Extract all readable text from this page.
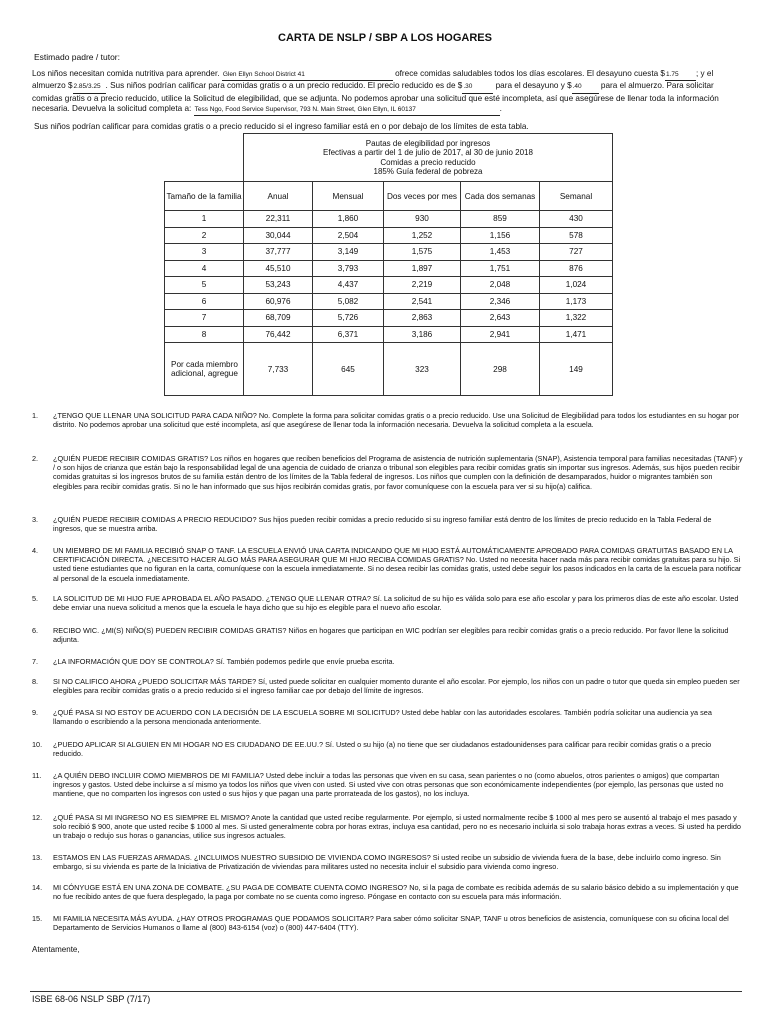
CARTA DE NSLP / SBP A LOS HOGARES
Estimado padre / tutor:
Los niños necesitan comida nutritiva para aprender. Glen Ellyn School District 41	ofrece comidas saludables todos los días escolares. El desayuno cuesta $1.75 ; y el almuerzo $2.85/3.25 . Sus niños podrían calificar para comidas gratis o a un precio reducido. El precio reducido es de $.30	para el desayuno y $.40 para el almuerzo. Para solicitar comidas gratis o a precio reducido, utilice la Solicitud de elegibilidad, que se adjunta. No podemos aprobar una solicitud que esté incompleta, así que asegúrese de llenar toda la información necesaria. Devuelva la solicitud completa a: Tess Ngo, Food Service Supervisor, 793 N. Main Street, Glen Ellyn, IL 60137	.
Sus niños podrían calificar para comidas gratis o a precio reducido si el ingreso familiar está en o por debajo de los límites de esta tabla.

	Pautas de elegibilidad por ingresos
Efectivas a partir del 1 de julio de 2017, al 30 de junio 2018
Comidas a precio reducido
185% Guía federal de pobreza				

Tamaño de la familia	Anual	Mensual	Dos veces por mes	Cada dos semanas	Semanal
1	22,311	1,860	930	859	430
2	30,044	2,504	1,252	1,156	578
3	37,777	3,149	1,575	1,453	727
4	45,510	3,793	1,897	1,751	876
5	53,243	4,437	2,219	2,048	1,024
6	60,976	5,082	2,541	2,346	1,173
7	68,709	5,726	2,863	2,643	1,322
8	76,442	6,371	3,186	2,941	1,471
Por cada miembro adicional, agregue	7,733	645	323	298	149
1. ¿TENGO QUE LLENAR UNA SOLICITUD PARA CADA NIÑO? No. Complete la forma para solicitar comidas gratis o a precio reducido. Use una Solicitud de Elegibilidad para todos los estudiantes en su hogar por distrito. No podemos aprobar una solicitud que esté incompleta, así que asegúrese de llenar toda la información necesaria. Devuelva la solicitud completa a la escuela.
2. ¿QUIÉN PUEDE RECIBIR COMIDAS GRATIS? Los niños en hogares que reciben beneficios del Programa de asistencia de nutrición suplementaria (SNAP), Asistencia temporal para familias necesitadas (TANF) y / o son hijos de crianza que están bajo la responsabilidad legal de una agencia de cuidado de crianza o tribunal son elegibles para recibir comidas gratis sin importar sus ingresos. Además, sus hijos pueden recibir comidas gratuitas si los ingresos brutos de su familia están dentro de los límites de la Tabla federal de ingresos. Los niños que cumplen con la definición de desamparados, huidor o migrantes también son elegibles para recibir comidas gratis. Si no le han informado que sus hijos recibirán comidas gratis, por favor comuníquese con la escuela para ver si su hijo(a) califica.
3. ¿QUIÉN PUEDE RECIBIR COMIDAS A PRECIO REDUCIDO? Sus hijos pueden recibir comidas a precio reducido si su ingreso familiar está dentro de los límites de precio reducido en la Tabla Federal de ingresos, que se muestra arriba.
4. UN MIEMBRO DE MI FAMILIA RECIBIÓ SNAP O TANF. LA ESCUELA ENVIÓ UNA CARTA INDICANDO QUE MI HIJO ESTÁ AUTOMÁTICAMENTE APROBADO PARA COMIDAS GRATUITAS BASADO EN LA CERTIFICACIÓN DIRECTA. ¿NECESITO HACER ALGO MÁS PARA ASEGURAR QUE MI HIJO RECIBA COMIDAS GRATIS? No. Usted no necesita hacer nada más para recibir comidas gratuitas para su hijo. Si usted tiene estudiantes que no figuran en la carta, comuníquese con la escuela inmediatamente. Si no desea recibir las comidas gratis, usted debe seguir los pasos indicados en la carta de la escuela para notificar al personal de la escuela inmediatamente.
5. LA SOLICITUD DE MI HIJO FUE APROBADA EL AÑO PASADO. ¿TENGO QUE LLENAR OTRA? Sí. La solicitud de su hijo es válida solo para ese año escolar y para los primeros días de este año escolar. Usted debe enviar una nueva solicitud a menos que la escuela le haya dicho que su hijo es elegible para el nuevo año escolar.
6. RECIBO WIC. ¿MI(S) NIÑO(S) PUEDEN RECIBIR COMIDAS GRATIS? Niños en hogares que participan en WIC podrían ser elegibles para recibir comidas gratis o a precio reducido. Por favor llene la solicitud adjunta.
7. ¿LA INFORMACIÓN QUE DOY SE CONTROLA? Sí. También podemos pedirle que envíe prueba escrita.
8. SI NO CALIFICO AHORA ¿PUEDO SOLICITAR MÁS TARDE? Sí, usted puede solicitar en cualquier momento durante el año escolar. Por ejemplo, los niños con un padre o tutor que queda sin empleo pueden ser elegibles para recibir comidas gratis o a precio reducido si el ingreso familiar cae por debajo del límite de ingresos.
9. ¿QUÉ PASA SI NO ESTOY DE ACUERDO CON LA DECISIÓN DE LA ESCUELA SOBRE MI SOLICITUD? Usted debe hablar con las autoridades escolares. También podría solicitar una audiencia ya sea llamando o escribiendo a la persona mencionada anteriormente.
10. ¿PUEDO APLICAR SI ALGUIEN EN MI HOGAR NO ES CIUDADANO DE EE.UU.? Sí. Usted o su hijo (a) no tiene que ser ciudadanos estadounidenses para calificar para recibir comidas gratis o a precio reducido.
11. ¿A QUIÉN DEBO INCLUIR COMO MIEMBROS DE MI FAMILIA? Usted debe incluir a todas las personas que viven en su casa, sean parientes o no (como abuelos, otros parientes o amigos) que compartan ingresos y gastos. Usted debe incluirse a sí mismo ya todos los niños que viven con usted. Si usted vive con otras personas que son económicamente independientes (por ejemplo, las personas que usted no mantiene, que no comparten los ingresos con usted o sus hijos y que pagan una parte prorrateada de los gastos), no los incluya.
12. ¿QUÉ PASA SI MI INGRESO NO ES SIEMPRE EL MISMO? Anote la cantidad que usted recibe regularmente. Por ejemplo, si usted normalmente recibe $ 1000 al mes pero se ausentó al trabajo el mes pasado y solo recibió $ 900, anote que usted recibe $ 1000 al mes. Si usted generalmente cobra por horas extras, incluya esa cantidad, pero no es necesario incluirla si solo trabaja horas extras a veces. Si usted ha perdido un trabajo o redujo sus horas o ganancias, utilice sus ingresos actuales.
13. ESTAMOS EN LAS FUERZAS ARMADAS. ¿INCLUIMOS NUESTRO SUBSIDIO DE VIVIENDA COMO INGRESOS? Si usted recibe un subsidio de vivienda fuera de la base, debe incluirlo como ingreso. Sin embargo, si su vivienda es parte de la Iniciativa de Privatización de viviendas para militares usted no necesita incluir el subsidio para vivienda como ingreso.
14. MI CÓNYUGE ESTÁ EN UNA ZONA DE COMBATE. ¿SU PAGA DE COMBATE CUENTA COMO INGRESO? No, si la paga de combate es recibida además de su salario básico debido a su implementación y que no fue recibido antes de que fuera desplegado, la paga por combate no se cuenta como ingreso. Póngase en contacto con su escuela para más información.
15. MI FAMILIA NECESITA MÁS AYUDA. ¿HAY OTROS PROGRAMAS QUE PODAMOS SOLICITAR? Para saber cómo solicitar SNAP, TANF u otros beneficios de asistencia, comuníquese con su oficina local del Departamento de Servicios Humanos o llame al (800) 843-6154 (voz) o (800) 447-6404 (TTY).
Atentamente,
ISBE 68-06 NSLP SBP (7/17)
